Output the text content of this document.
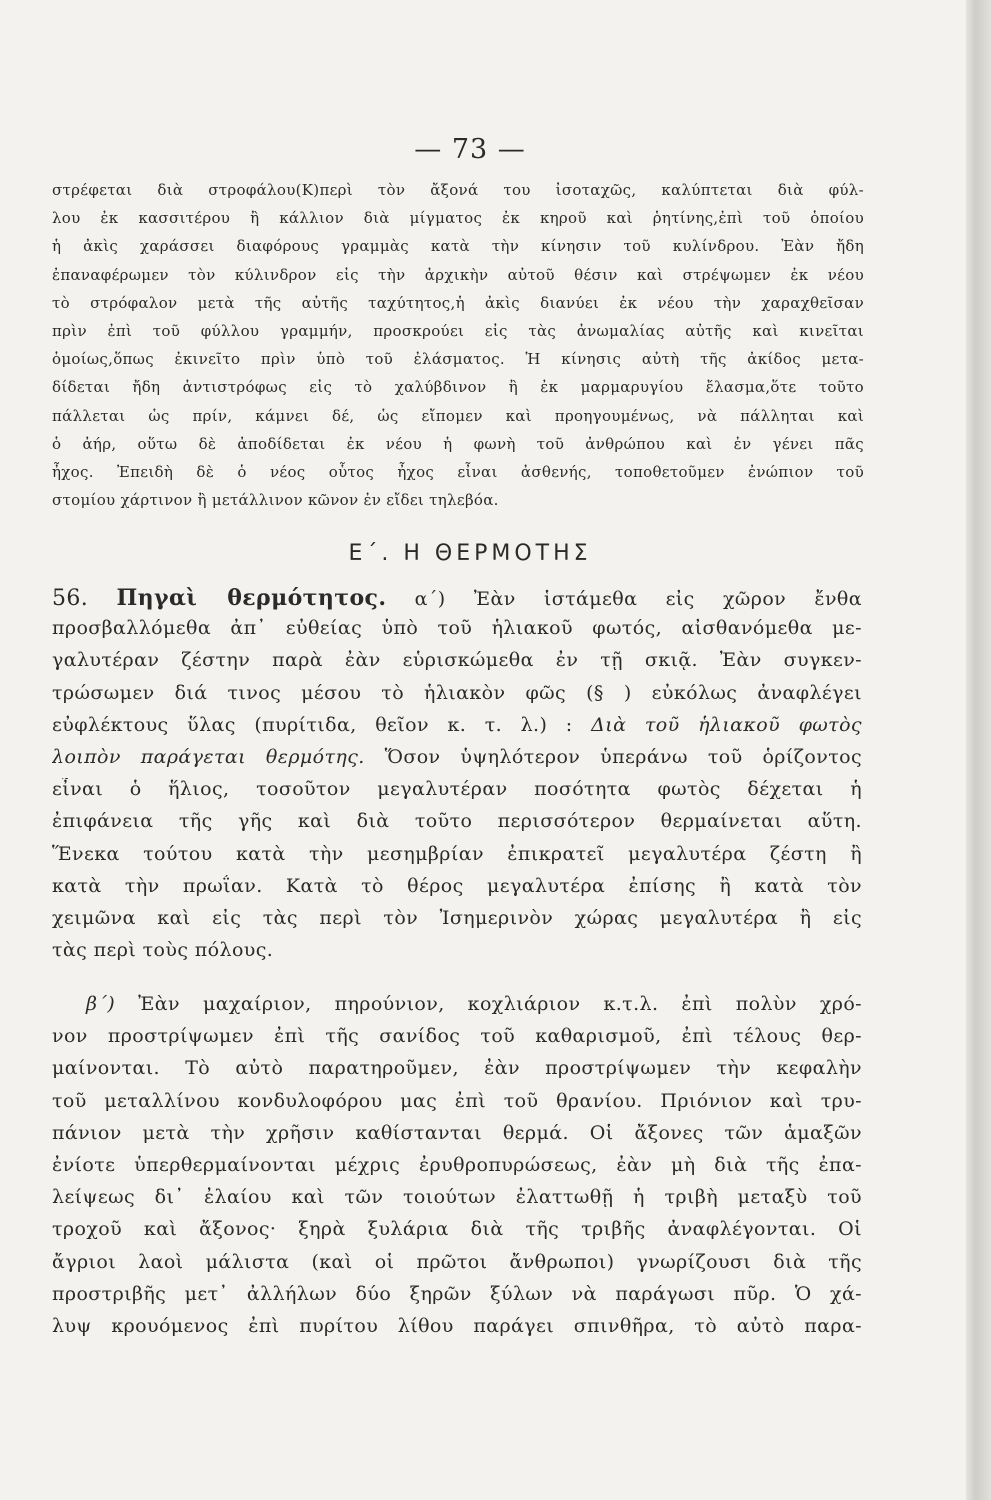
— 73 —
στρέφεται διὰ στροφάλου(Κ)περὶ τὸν ἄξονά του ἰσοταχῶς, καλύπτεται διὰ φύλ-
λου ἐκ κασσιτέρου ἢ κάλλιον διὰ μίγματος ἐκ κηροῦ καὶ ῥητίνης,ἐπὶ τοῦ ὁποίου
ἡ ἀκὶς χαράσσει διαφόρους γραμμὰς κατὰ τὴν κίνησιν τοῦ κυλίνδρου. Ἐὰν ἤδη
ἐπαναφέρωμεν τὸν κύλινδρον εἰς τὴν ἀρχικὴν αὐτοῦ θέσιν καὶ στρέψωμεν ἐκ νέου
τὸ στρόφαλον μετὰ τῆς αὐτῆς ταχύτητος,ἡ ἀκὶς διανύει ἐκ νέου τὴν χαραχθεῖσαν
πρὶν ἐπὶ τοῦ φύλλου γραμμήν, προσκρούει εἰς τὰς ἀνωμαλίας αὐτῆς καὶ κινεῖται
ὁμοίως,ὅπως ἐκινεῖτο πρὶν ὑπὸ τοῦ ἐλάσματος. Ἡ κίνησις αὐτὴ τῆς ἀκίδος μετα-
δίδεται ἤδη ἀντιστρόφως εἰς τὸ χαλύβδινον ἢ ἐκ μαρμαρυγίου ἔλασμα,ὅτε τοῦτο
πάλλεται ὡς πρίν, κάμνει δέ, ὡς εἴπομεν καὶ προηγουμένως, νὰ πάλληται καὶ
ὁ ἀήρ, οὕτω δὲ ἀποδίδεται ἐκ νέου ἡ φωνὴ τοῦ ἀνθρώπου καὶ ἐν γένει πᾶς
ἦχος. Ἐπειδὴ δὲ ὁ νέος οὗτος ἦχος εἶναι ἀσθενής, τοποθετοῦμεν ἐνώπιον τοῦ
στομίου χάρτινον ἢ μετάλλινον κῶνον ἐν εἴδει τηλεβόα.
Ε΄. Η ΘΕΡΜΟΤΗΣ
56. Πηγαὶ θερμότητος. α΄) Ἐὰν ἱστάμεθα εἰς χῶρον ἔνθα
προσβαλλόμεθα ἀπ᾽ εὐθείας ὑπὸ τοῦ ἡλιακοῦ φωτός, αἰσθανόμεθα με-
γαλυτέραν ζέστην παρὰ ἐὰν εὑρισκώμεθα ἐν τῇ σκιᾷ. Ἐὰν συγκεν-
τρώσωμεν διά τινος μέσου τὸ ἡλιακὸν φῶς (§ ) εὐκόλως ἀναφλέγει
εὐφλέκτους ὕλας (πυρίτιδα, θεῖον κ. τ. λ.) : Διὰ τοῦ ἡλιακοῦ φωτὸς
λοιπὸν παράγεται θερμότης. Ὅσον ὑψηλότερον ὑπεράνω τοῦ ὁρίζοντος
εἶναι ὁ ἥλιος, τοσοῦτον μεγαλυτέραν ποσότητα φωτὸς δέχεται ἡ
ἐπιφάνεια τῆς γῆς καὶ διὰ τοῦτο περισσότερον θερμαίνεται αὕτη.
Ἕνεκα τούτου κατὰ τὴν μεσημβρίαν ἐπικρατεῖ μεγαλυτέρα ζέστη ἢ
κατὰ τὴν πρωΐαν. Κατὰ τὸ θέρος μεγαλυτέρα ἐπίσης ἢ κατὰ τὸν
χειμῶνα καὶ εἰς τὰς περὶ τὸν Ἰσημερινὸν χώρας μεγαλυτέρα ἢ εἰς
τὰς περὶ τοὺς πόλους.
β΄) Ἐὰν μαχαίριον, πηρούνιον, κοχλιάριον κ.τ.λ. ἐπὶ πολὺν χρό-
νον προστρίψωμεν ἐπὶ τῆς σανίδος τοῦ καθαρισμοῦ, ἐπὶ τέλους θερ-
μαίνονται. Τὸ αὐτὸ παρατηροῦμεν, ἐὰν προστρίψωμεν τὴν κεφαλὴν
τοῦ μεταλλίνου κονδυλοφόρου μας ἐπὶ τοῦ θρανίου. Πριόνιον καὶ τρυ-
πάνιον μετὰ τὴν χρῆσιν καθίστανται θερμά. Οἱ ἄξονες τῶν ἁμαξῶν
ἐνίοτε ὑπερθερμαίνονται μέχρις ἐρυθροπυρώσεως, ἐὰν μὴ διὰ τῆς ἐπα-
λείψεως δι᾽ ἐλαίου καὶ τῶν τοιούτων ἐλαττωθῇ ἡ τριβὴ μεταξὺ τοῦ
τροχοῦ καὶ ἄξονος· ξηρὰ ξυλάρια διὰ τῆς τριβῆς ἀναφλέγονται. Οἱ
ἄγριοι λαοὶ μάλιστα (καὶ οἱ πρῶτοι ἄνθρωποι) γνωρίζουσι διὰ τῆς
προστριβῆς μετ᾽ ἀλλήλων δύο ξηρῶν ξύλων νὰ παράγωσι πῦρ. Ὁ χά-
λυψ κρουόμενος ἐπὶ πυρίτου λίθου παράγει σπινθῆρα, τὸ αὐτὸ παρα-
